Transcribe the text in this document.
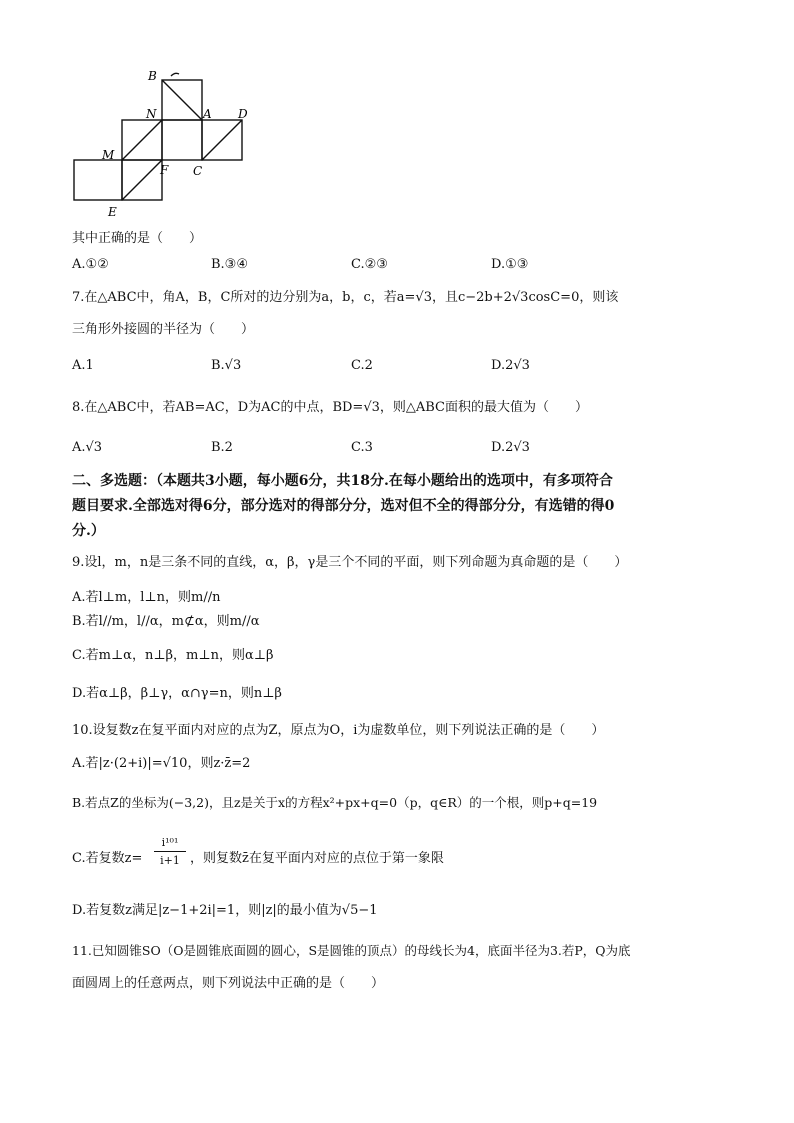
B
N	A D
M
F C
E
其中正确的是（　　）
A.①②	B.③④	C.②③	D.①③
7.在△ABC中，角A，B，C所对的边分别为a，b，c，若a=√3，且c−2b+2√3cosC=0，则该
三角形外接圆的半径为（　　）
A.1	B.√3	C.2	D.2√3
8.在△ABC中，若AB=AC，D为AC的中点，BD=√3，则△ABC面积的最大值为（　　）
A.√3	B.2	C.3	D.2√3
二、多选题：（本题共3小题，每小题6分，共18分.在每小题给出的选项中，有多项符合
题目要求.全部选对得6分，部分选对的得部分分，选对但不全的得部分分，有选错的得0
分.）
9.设l，m，n是三条不同的直线，α，β，γ是三个不同的平面，则下列命题为真命题的是（　　）
A.若l⊥m，l⊥n，则m//n
B.若l//m，l//α，m⊄α，则m//α
C.若m⊥α，n⊥β，m⊥n，则α⊥β
D.若α⊥β，β⊥γ，α∩γ=n，则n⊥β
10.设复数z在复平面内对应的点为Z，原点为O，i为虚数单位，则下列说法正确的是（　　）
A.若|z·(2+i)|=√10，则z·z̄=2
B.若点Z的坐标为(−3,2)，且z是关于x的方程x²+px+q=0（p，q∈R）的一个根，则p+q=19
C.若复数$z= \frac{\text{i¹⁰¹}}{i+1}$ ，则复数z̄在复平面内对应的点位于第一象限
D.若复数z满足|z−1+2i|=1，则|z|的最小值为√5−1
11.已知圆锥SO（O是圆锥底面圆的圆心，S是圆锥的顶点）的母线长为4，底面半径为3.若P，Q为底
面圆周上的任意两点，则下列说法中正确的是（　　）
